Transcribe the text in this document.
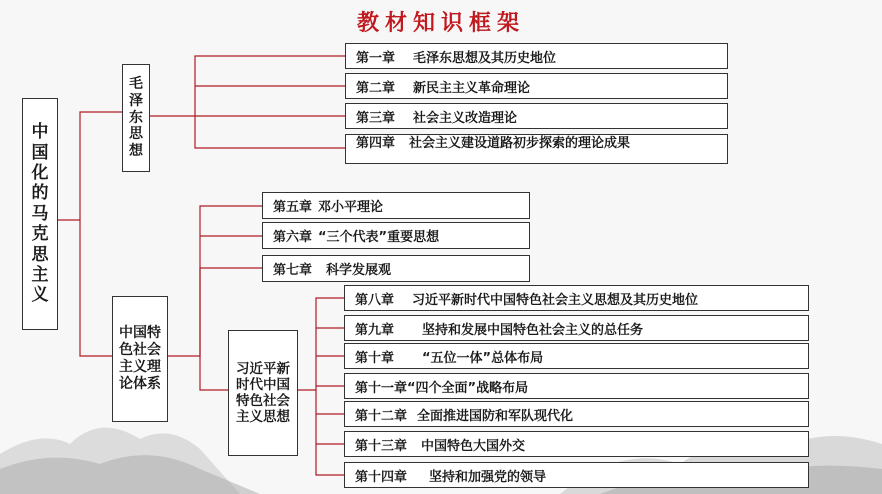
教材知识框架
中国化的马克思主义
毛泽东思想
第一章 毛泽东思想及其历史地位
第二章 新民主主义革命理论
第三章 社会主义改造理论
第四章 社会主义建设道路初步探索的理论成果
中国特色社会主义理论体系
第五章 邓小平理论
第六章 “三个代表”重要思想
第七章 科学发展观
习近平新时代中国特色社会主义思想
第八章 习近平新时代中国特色社会主义思想及其历史地位
第九章 坚持和发展中国特色社会主义的总任务
第十章 “五位一体”总体布局
第十一章 “四个全面”战略布局
第十二章 全面推进国防和军队现代化
第十三章 中国特色大国外交
第十四章 坚持和加强党的领导
